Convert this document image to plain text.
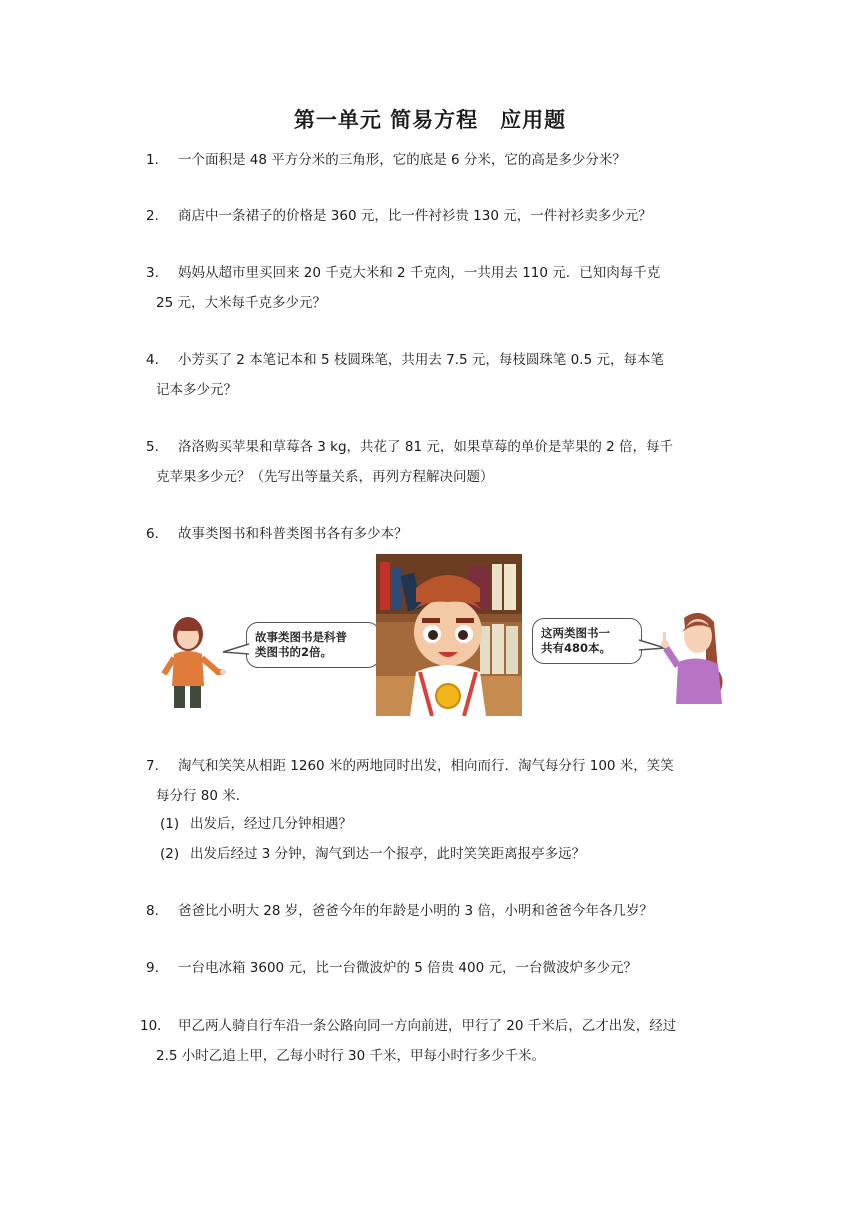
第一单元 简易方程　应用题
1. 一个面积是 48 平方分米的三角形，它的底是 6 分米，它的高是多少分米？
2. 商店中一条裙子的价格是 360 元，比一件衬衫贵 130 元，一件衬衫卖多少元？
3. 妈妈从超市里买回来 20 千克大米和 2 千克肉，一共用去 110 元．已知肉每千克
25 元，大米每千克多少元？
4. 小芳买了 2 本笔记本和 5 枝圆珠笔，共用去 7.5 元，每枝圆珠笔 0.5 元，每本笔
记本多少元？
5. 洛洛购买苹果和草莓各 3 kg，共花了 81 元，如果草莓的单价是苹果的 2 倍，每千
克苹果多少元？（先写出等量关系，再列方程解决问题）
6. 故事类图书和科普类图书各有多少本？
故事类图书是科普
类图书的2倍。
这两类图书一
共有480本。
7. 淘气和笑笑从相距 1260 米的两地同时出发，相向而行．淘气每分行 100 米，笑笑
每分行 80 米．
(1) 出发后，经过几分钟相遇？
(2) 出发后经过 3 分钟，淘气到达一个报亭，此时笑笑距离报亭多远？
8. 爸爸比小明大 28 岁，爸爸今年的年龄是小明的 3 倍，小明和爸爸今年各几岁？
9. 一台电冰箱 3600 元，比一台微波炉的 5 倍贵 400 元，一台微波炉多少元？
10. 甲乙两人骑自行车沿一条公路向同一方向前进，甲行了 20 千米后，乙才出发，经过
2.5 小时乙追上甲，乙每小时行 30 千米，甲每小时行多少千米。
